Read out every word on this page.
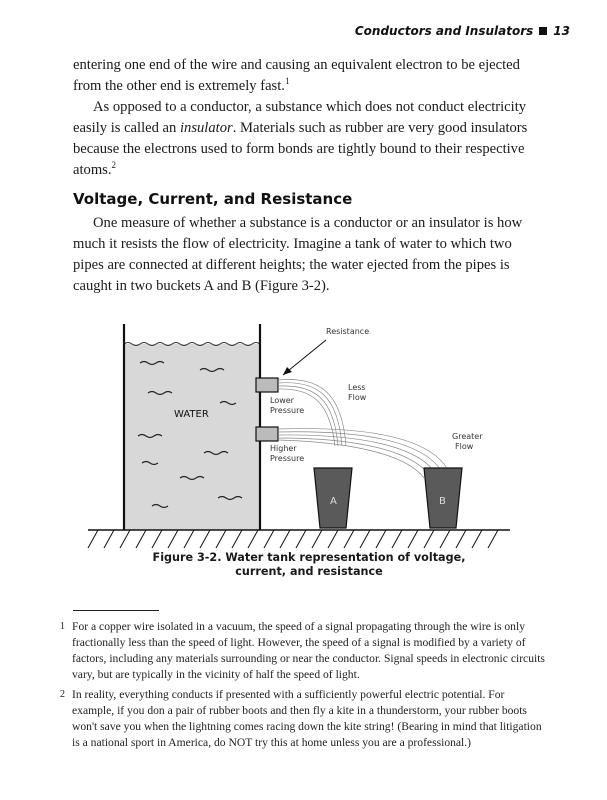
Conductors and Insulators 13

entering one end of the wire and causing an equivalent electron to be ejected from the other end is extremely fast.$^1$

As opposed to a conductor, a substance which does not conduct electricity easily is called an insulator. Materials such as rubber are very good insulators because the electrons used to form bonds are tightly bound to their respective atoms.$^2$

Voltage, Current, and Resistance

One measure of whether a substance is a conductor or an insulator is how much it resists the flow of electricity. Imagine a tank of water to which two pipes are connected at different heights; the water ejected from the pipes is caught in two buckets A and B (Figure 3-2).

WATER
A	B
Resistance
Less
Flow
Lower
Pressure
Higher
Pressure
Greater
Flow
Figure 3-2. Water tank representation of voltage,
current, and resistance
1 For a copper wire isolated in a vacuum, the speed of a signal propagating through the wire is only fractionally less than the speed of light. However, the speed of a signal is modified by a variety of factors, including any materials surrounding or near the conductor. Signal speeds in electronic circuits vary, but are typically in the vicinity of half the speed of light.
2 In reality, everything conducts if presented with a sufficiently powerful electric potential. For example, if you don a pair of rubber boots and then fly a kite in a thunderstorm, your rubber boots won't save you when the lightning comes racing down the kite string! (Bearing in mind that litigation is a national sport in America, do NOT try this at home unless you are a professional.)
